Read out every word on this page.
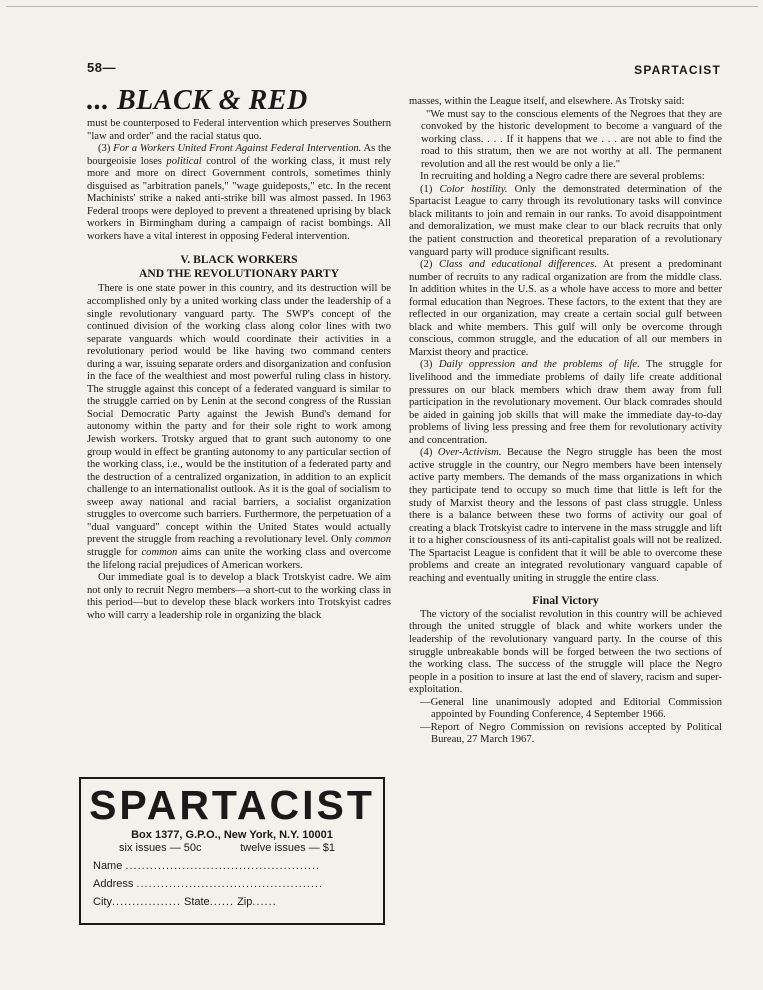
58—	SPARTACIST
... BLACK & RED

must be counterposed to Federal intervention which preserves Southern "law and order" and the racial status quo.

(3) For a Workers United Front Against Federal Intervention. As the bourgeoisie loses political control of the working class, it must rely more and more on direct Government controls, sometimes thinly disguised as "arbitration panels," "wage guideposts," etc. In the recent Machinists' strike a naked anti-strike bill was almost passed. In 1963 Federal troops were deployed to prevent a threatened uprising by black workers in Birmingham during a campaign of racist bombings. All workers have a vital interest in opposing Federal intervention.

V. BLACK WORKERS
AND THE REVOLUTIONARY PARTY

There is one state power in this country, and its destruction will be accomplished only by a united working class under the leadership of a single revolutionary vanguard party. The SWP's concept of the continued division of the working class along color lines with two separate vanguards which would coordinate their activities in a revolutionary period would be like having two command centers during a war, issuing separate orders and disorganization and confusion in the face of the wealthiest and most powerful ruling class in history. The struggle against this concept of a federated vanguard is similar to the struggle carried on by Lenin at the second congress of the Russian Social Democratic Party against the Jewish Bund's demand for autonomy within the party and for their sole right to work among Jewish workers. Trotsky argued that to grant such autonomy to one group would in effect be granting autonomy to any particular section of the working class, i.e., would be the institution of a federated party and the destruction of a centralized organization, in addition to an explicit challenge to an internationalist outlook. As it is the goal of socialism to sweep away national and racial barriers, a socialist organization struggles to overcome such barriers. Furthermore, the perpetuation of a "dual vanguard" concept within the United States would actually prevent the struggle from reaching a revolutionary level. Only common struggle for common aims can unite the working class and overcome the lifelong racial prejudices of American workers.

Our immediate goal is to develop a black Trotskyist cadre. We aim not only to recruit Negro members—a short-cut to the working class in this period—but to develop these black workers into Trotskyist cadres who will carry a leadership role in organizing the black

SPARTACIST
Box 1377, G.P.O., New York, N.Y. 10001
six issues — 50c	twelve issues — $1
Name ................................................
Address ..............................................
City................. State...... Zip......

masses, within the League itself, and elsewhere. As Trotsky said:

"We must say to the conscious elements of the Negroes that they are convoked by the historic development to become a vanguard of the working class. . . . If it happens that we . . . are not able to find the road to this stratum, then we are not worthy at all. The permanent revolution and all the rest would be only a lie."

In recruiting and holding a Negro cadre there are several problems:

(1) Color hostility. Only the demonstrated determination of the Spartacist League to carry through its revolutionary tasks will convince black militants to join and remain in our ranks. To avoid disappointment and demoralization, we must make clear to our black recruits that only the patient construction and theoretical preparation of a revolutionary vanguard party will produce significant results.

(2) Class and educational differences. At present a predominant number of recruits to any radical organization are from the middle class. In addition whites in the U.S. as a whole have access to more and better formal education than Negroes. These factors, to the extent that they are reflected in our organization, may create a certain social gulf between black and white members. This gulf will only be overcome through conscious, common struggle, and the education of all our members in Marxist theory and practice.

(3) Daily oppression and the problems of life. The struggle for livelihood and the immediate problems of daily life create additional pressures on our black members which draw them away from full participation in the revolutionary movement. Our black comrades should be aided in gaining job skills that will make the immediate day-to-day problems of living less pressing and free them for revolutionary activity and concentration.

(4) Over-Activism. Because the Negro struggle has been the most active struggle in the country, our Negro members have been intensely active party members. The demands of the mass organizations in which they participate tend to occupy so much time that little is left for the study of Marxist theory and the lessons of past class struggle. Unless there is a balance between these two forms of activity our goal of creating a black Trotskyist cadre to intervene in the mass struggle and lift it to a higher consciousness of its anti-capitalist goals will not be realized. The Spartacist League is confident that it will be able to overcome these problems and create an integrated revolutionary vanguard capable of reaching and eventually uniting in struggle the entire class.

Final Victory

The victory of the socialist revolution in this country will be achieved through the united struggle of black and white workers under the leadership of the revolutionary vanguard party. In the course of this struggle unbreakable bonds will be forged between the two sections of the working class. The success of the struggle will place the Negro people in a position to insure at last the end of slavery, racism and super-exploitation.

—General line unanimously adopted and Editorial Commission appointed by Founding Conference, 4 September 1966.

—Report of Negro Commission on revisions accepted by Political Bureau, 27 March 1967.
